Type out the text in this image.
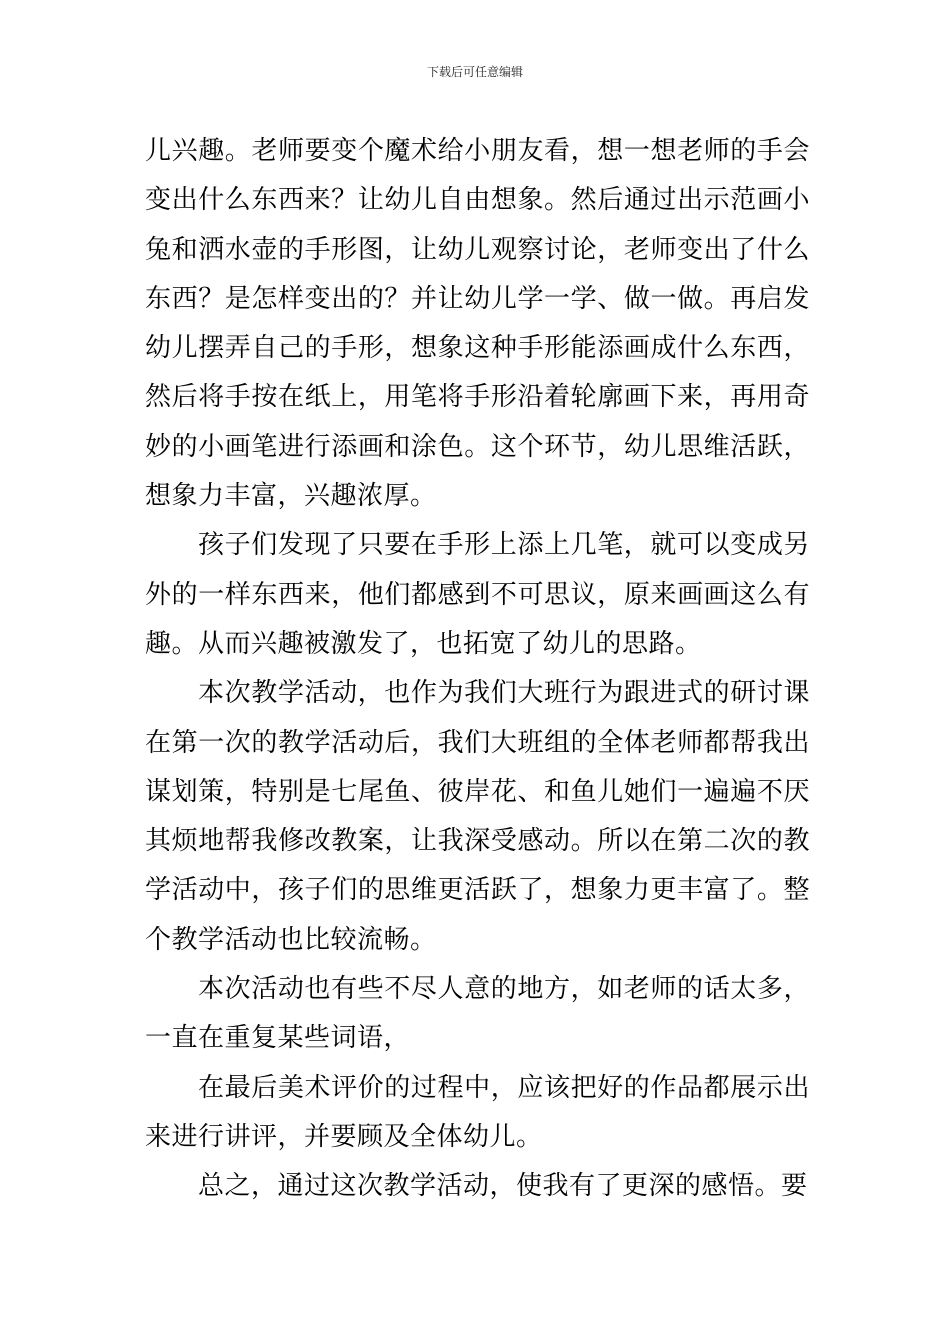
下载后可任意编辑

儿兴趣。老师要变个魔术给小朋友看，想一想老师的手会变出什么东西来？让幼儿自由想象。然后通过出示范画小兔和洒水壶的手形图，让幼儿观察讨论，老师变出了什么东西？是怎样变出的？并让幼儿学一学、做一做。再启发幼儿摆弄自己的手形，想象这种手形能添画成什么东西，然后将手按在纸上，用笔将手形沿着轮廓画下来，再用奇妙的小画笔进行添画和涂色。这个环节，幼儿思维活跃，想象力丰富，兴趣浓厚。

孩子们发现了只要在手形上添上几笔，就可以变成另外的一样东西来，他们都感到不可思议，原来画画这么有趣。从而兴趣被激发了，也拓宽了幼儿的思路。

本次教学活动，也作为我们大班行为跟进式的研讨课在第一次的教学活动后，我们大班组的全体老师都帮我出谋划策，特别是七尾鱼、彼岸花、和鱼儿她们一遍遍不厌其烦地帮我修改教案，让我深受感动。所以在第二次的教学活动中，孩子们的思维更活跃了，想象力更丰富了。整个教学活动也比较流畅。

本次活动也有些不尽人意的地方，如老师的话太多，一直在重复某些词语，

在最后美术评价的过程中，应该把好的作品都展示出来进行讲评，并要顾及全体幼儿。

总之，通过这次教学活动，使我有了更深的感悟。要
